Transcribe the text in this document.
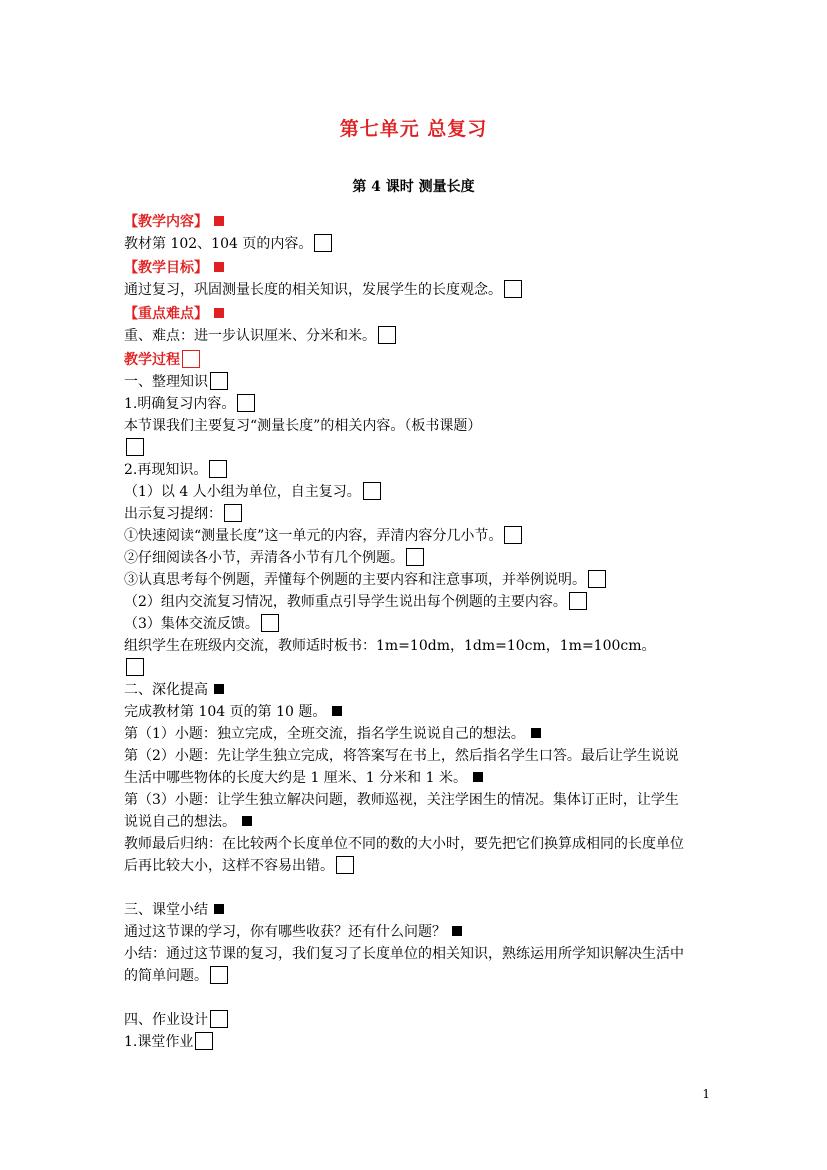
第七单元 总复习
第 4 课时 测量长度
【教学内容】
教材第 102、104 页的内容。
【教学目标】
通过复习，巩固测量长度的相关知识，发展学生的长度观念。
【重点难点】
重、难点：进一步认识厘米、分米和米。
教学过程
一、整理知识
1.明确复习内容。
本节课我们主要复习“测量长度”的相关内容。（板书课题）
2.再现知识。
（1）以 4 人小组为单位，自主复习。
出示复习提纲：
①快速阅读“测量长度”这一单元的内容，弄清内容分几小节。
②仔细阅读各小节，弄清各小节有几个例题。
③认真思考每个例题，弄懂每个例题的主要内容和注意事项，并举例说明。
（2）组内交流复习情况，教师重点引导学生说出每个例题的主要内容。
（3）集体交流反馈。
组织学生在班级内交流，教师适时板书：1m=10dm，1dm=10cm，1m=100cm。
二、深化提高
完成教材第 104 页的第 10 题。
第（1）小题：独立完成，全班交流，指名学生说说自己的想法。
第（2）小题：先让学生独立完成，将答案写在书上，然后指名学生口答。最后让学生说说
生活中哪些物体的长度大约是 1 厘米、1 分米和 1 米。
第（3）小题：让学生独立解决问题，教师巡视，关注学困生的情况。集体订正时，让学生
说说自己的想法。
教师最后归纳：在比较两个长度单位不同的数的大小时，要先把它们换算成相同的长度单位
后再比较大小，这样不容易出错。
三、课堂小结
通过这节课的学习，你有哪些收获？还有什么问题？
小结：通过这节课的复习，我们复习了长度单位的相关知识，熟练运用所学知识解决生活中
的简单问题。
四、作业设计
1.课堂作业
1
